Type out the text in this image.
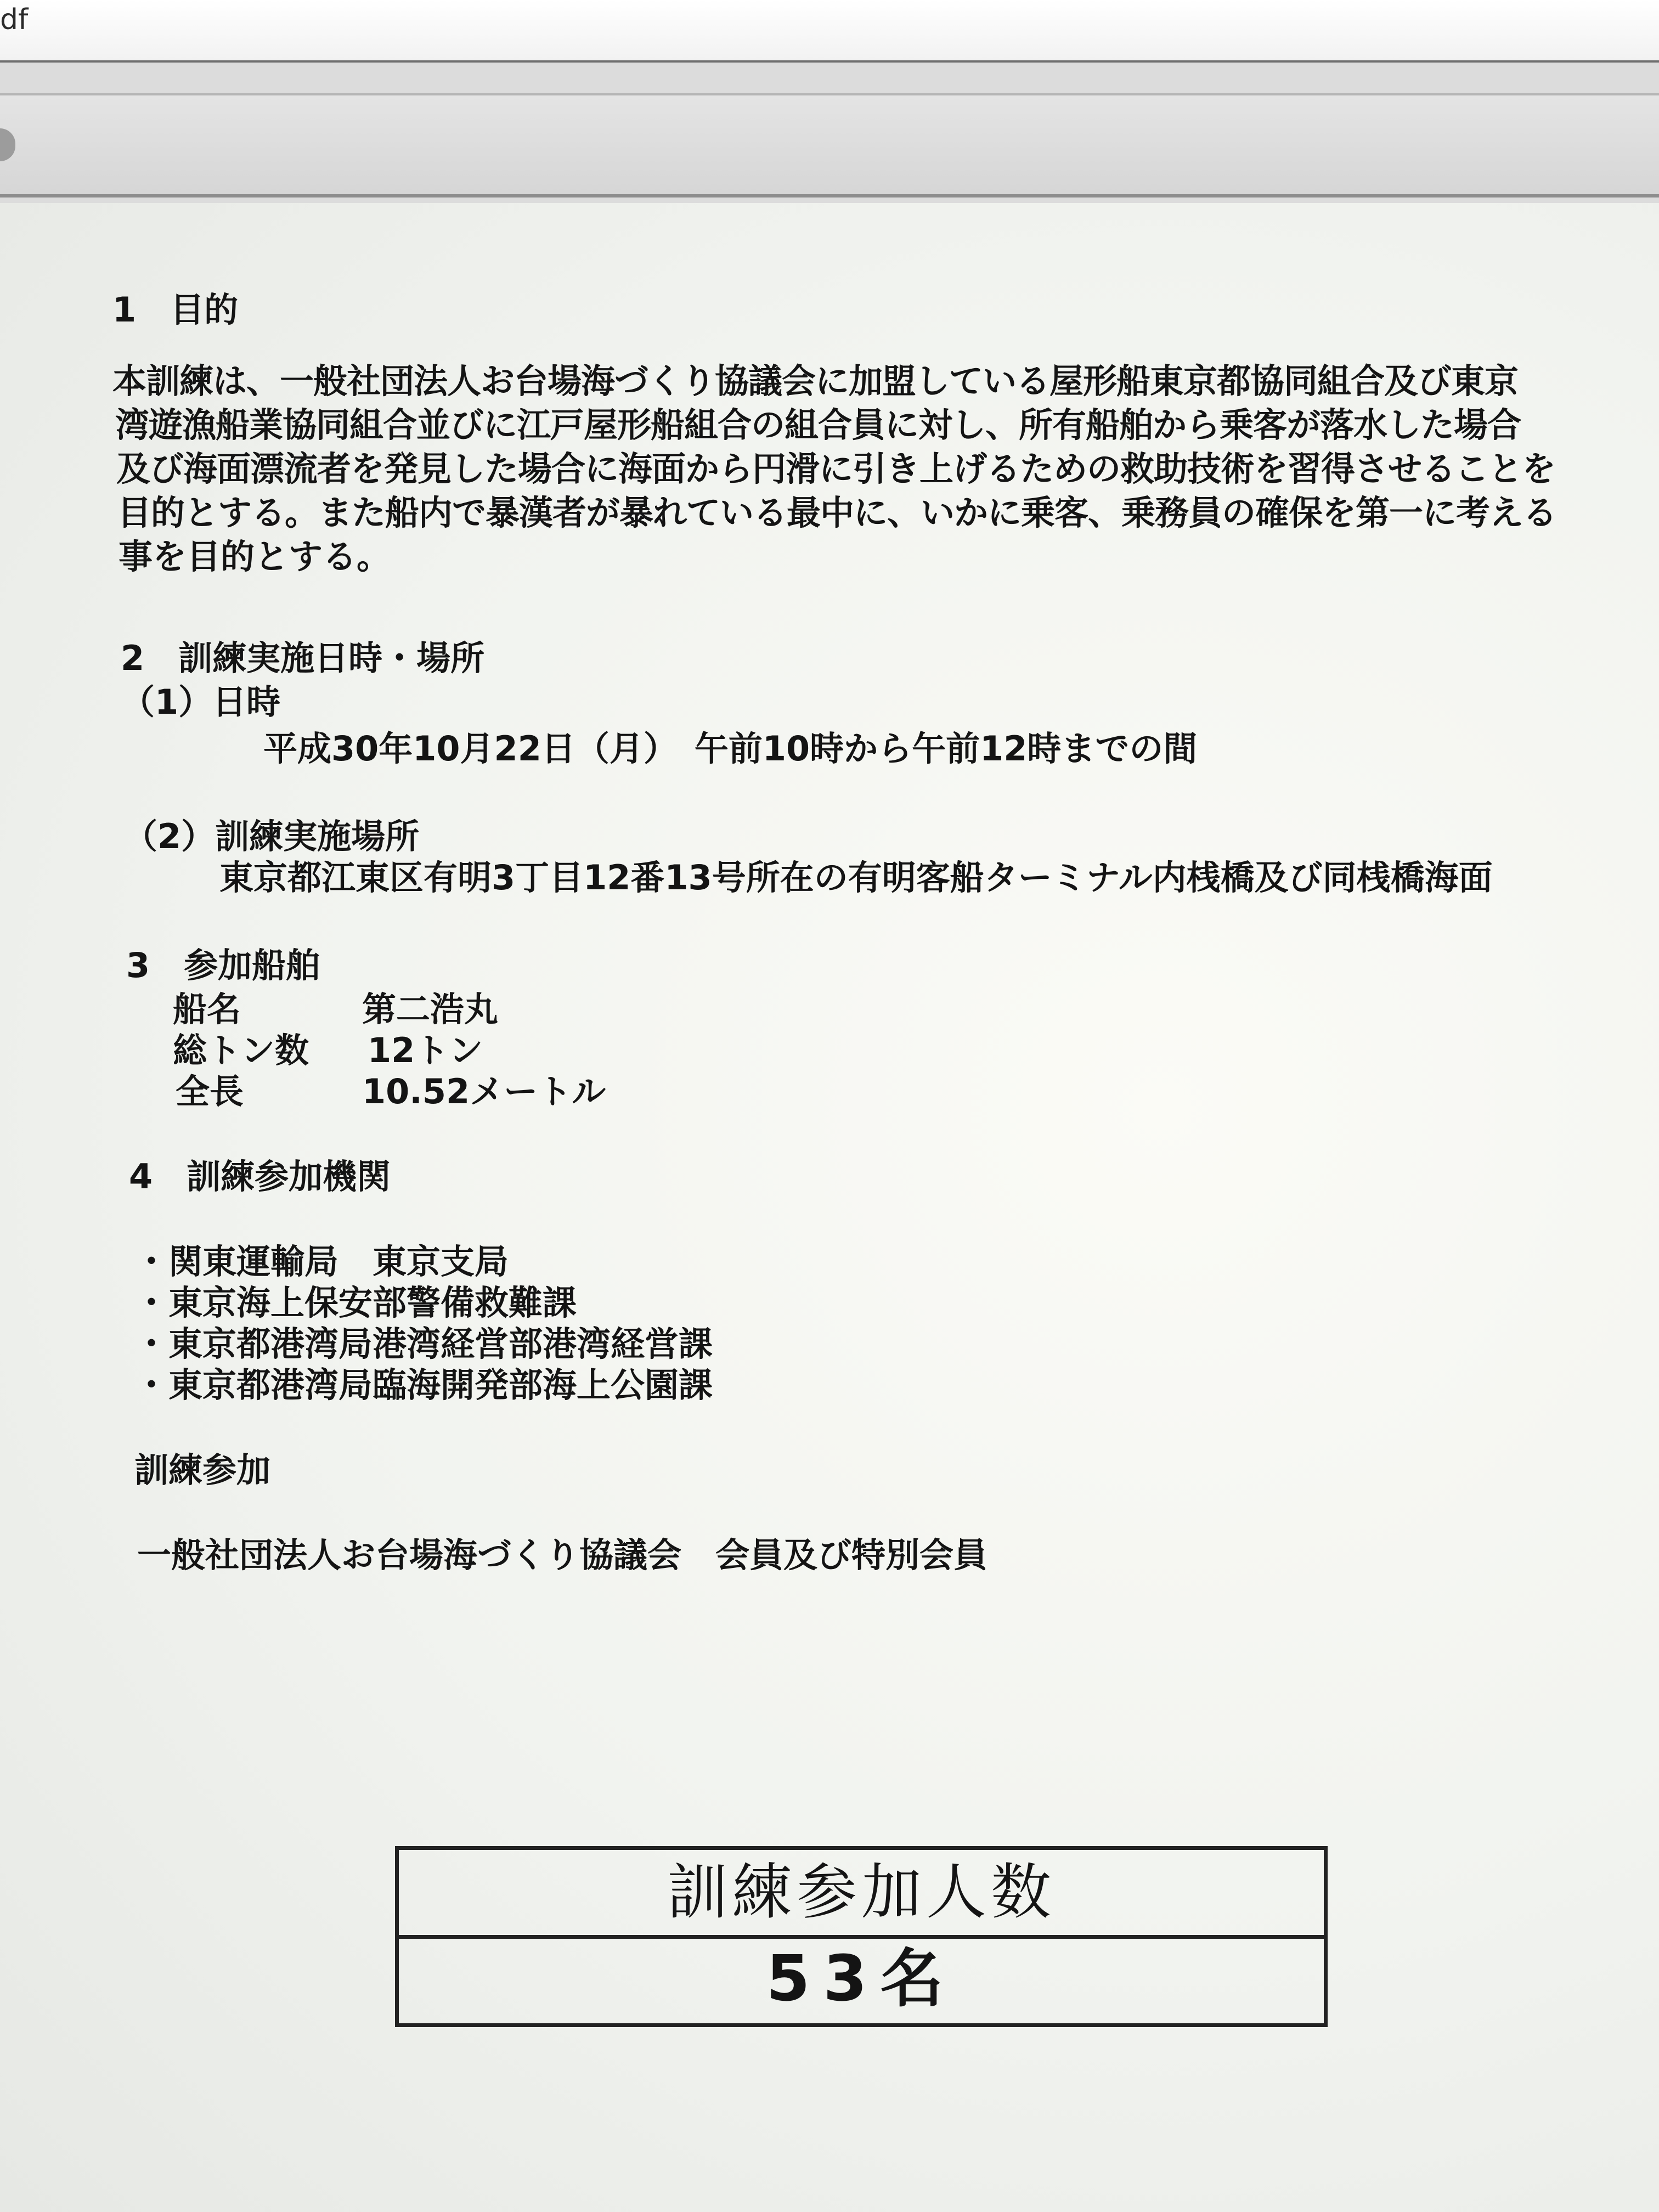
df
1　目的
本訓練は、一般社団法人お台場海づくり協議会に加盟している屋形船東京都協同組合及び東京
湾遊漁船業協同組合並びに江戸屋形船組合の組合員に対し、所有船舶から乗客が落水した場合
及び海面漂流者を発見した場合に海面から円滑に引き上げるための救助技術を習得させることを
目的とする。また船内で暴漢者が暴れている最中に、いかに乗客、乗務員の確保を第一に考える
事を目的とする。
2　訓練実施日時・場所
（1）日時
平成30年10月22日（月）　午前10時から午前12時までの間
（2）訓練実施場所
東京都江東区有明3丁目12番13号所在の有明客船ターミナル内桟橋及び同桟橋海面
3　参加船舶
船名	第二浩丸
総トン数 12トン
全長	10.52メートル
4　訓練参加機関
・関東運輸局　東京支局
・東京海上保安部警備救難課
・東京都港湾局港湾経営部港湾経営課
・東京都港湾局臨海開発部海上公園課
訓練参加
一般社団法人お台場海づくり協議会　会員及び特別会員
訓練参加人数
53名
